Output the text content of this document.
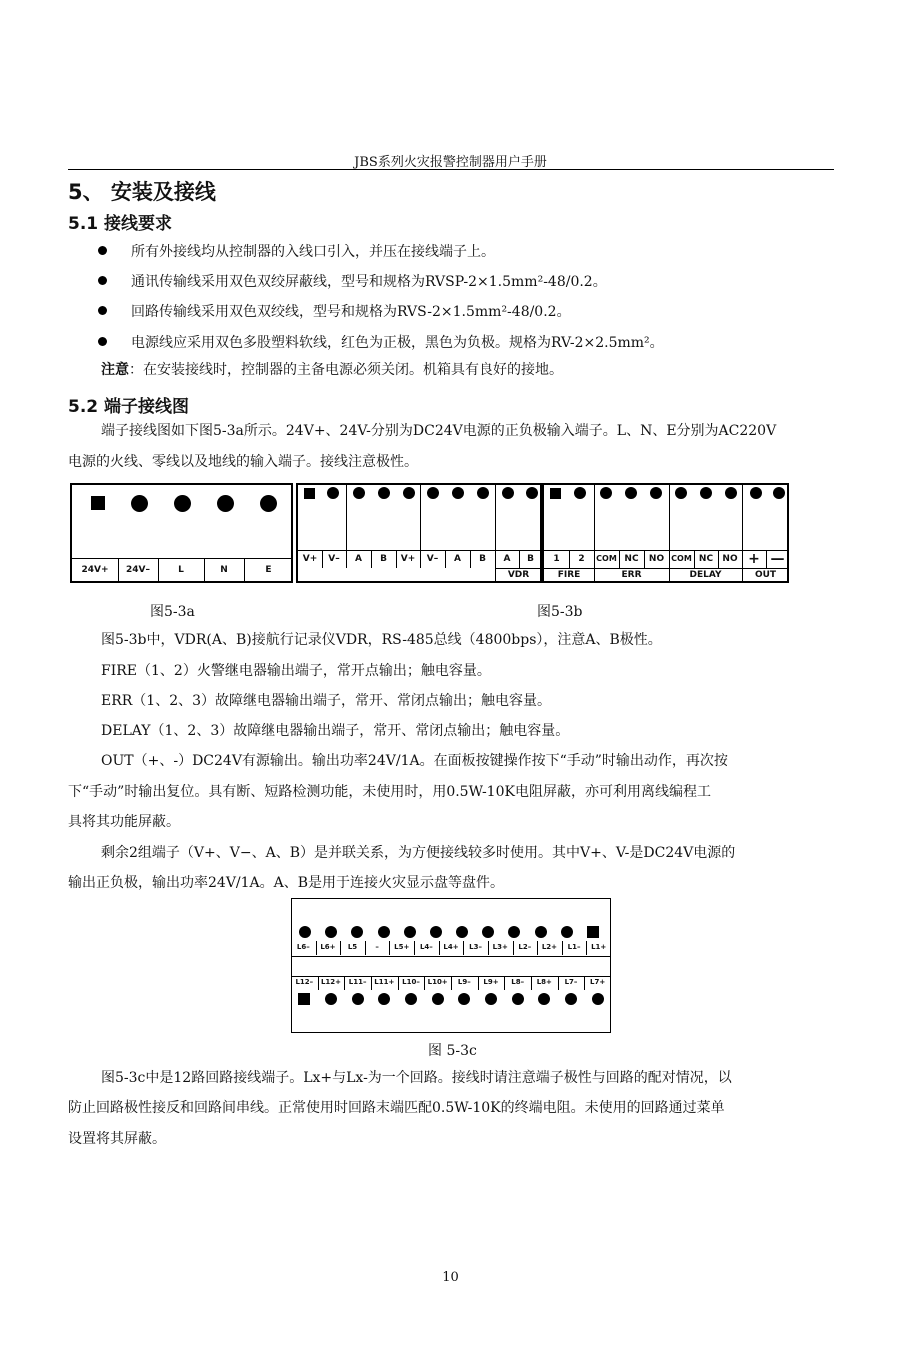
JBS系列火灾报警控制器用户手册
5、 安装及接线
5.1 接线要求
所有外接线均从控制器的入线口引入，并压在接线端子上。
通讯传输线采用双色双绞屏蔽线，型号和规格为RVSP-2×1.5mm²-48/0.2。
回路传输线采用双色双绞线，型号和规格为RVS-2×1.5mm²-48/0.2。
电源线应采用双色多股塑料软线，红色为正极，黑色为负极。规格为RV-2×2.5mm²。
注意：在安装接线时，控制器的主备电源必须关闭。机箱具有良好的接地。
5.2 端子接线图
端子接线图如下图5-3a所示。24V+、24V-分别为DC24V电源的正负极输入端子。L、N、E分别为AC220V
电源的火线、零线以及地线的输入端子。接线注意极性。
24V+	24V–	L	N	E
V+	V–	A	B	V+	V–	A	B	A	B
VDR
1	2	COM NC	NO COM NC	NO + —
FIRE	ERR	DELAY	OUT
图5-3a	图5-3b
图5-3b中，VDR(A、B)接航行记录仪VDR，RS-485总线（4800bps），注意A、B极性。
FIRE（1、2）火警继电器输出端子，常开点输出；触电容量。
ERR（1、2、3）故障继电器输出端子，常开、常闭点输出；触电容量。
DELAY（1、2、3）故障继电器输出端子，常开、常闭点输出；触电容量。
OUT（+、-）DC24V有源输出。输出功率24V/1A。在面板按键操作按下“手动”时输出动作，再次按
下“手动”时输出复位。具有断、短路检测功能，未使用时，用0.5W-10K电阻屏蔽，亦可利用离线编程工
具将其功能屏蔽。
剩余2组端子（V+、V−、A、B）是并联关系，为方便接线较多时使用。其中V+、V-是DC24V电源的
输出正负极，输出功率24V/1A。A、B是用于连接火灾显示盘等盘件。
L6–	L6+	L5	–	L5+	L4–	L4+	L3–	L3+	L2–	L2+	L1–	L1+
L12–	L12+	L11–	L11+	L10–	L10+	L9–	L9+	L8–	L8+	L7–	L7+
图 5-3c
图5-3c中是12路回路接线端子。Lx+与Lx-为一个回路。接线时请注意端子极性与回路的配对情况，以
防止回路极性接反和回路间串线。正常使用时回路末端匹配0.5W-10K的终端电阻。未使用的回路通过菜单
设置将其屏蔽。
10
